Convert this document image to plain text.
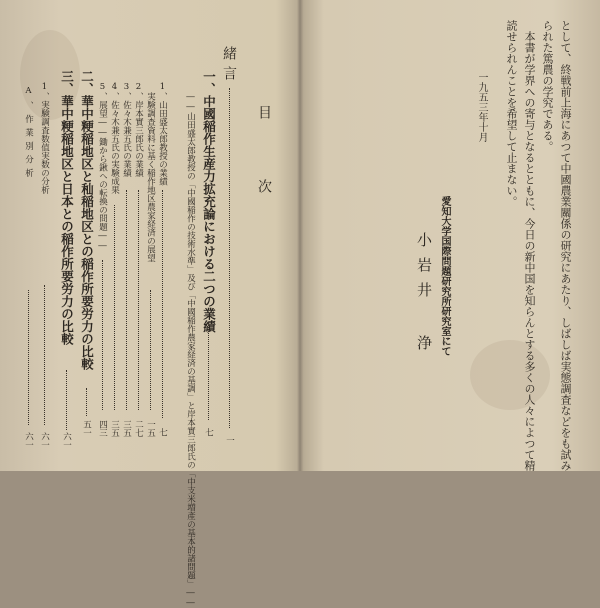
として、終戦前上海にあつて中國農業關係の研究にあたり、しばしば実態調査などをも試み
られた篤農の学究である。
本書が学界への寄与となるとともに、今日の新中国を知らんとする多くの人々によつて精
読せられんことを希望して止まない。
一九五三年十月
愛知大学国際問題研究所研究室にて
小岩井 浄
目次
緒言
一
一、中國稲作生産力拡充論における二つの業績
七
――山田盛太郎教授の「中國稲作の技術水準」及び「中國稲作農家経済の基調」と岸本實三郎氏の「中支米増產の基本的諸問題」――
1、山田盛太郎教授の業績
七
実験調查資料に基く稲作地区農家経済の展望
一五
2、岸本實三郎氏の業績
二七
3、佐々木兼五氏の業績
三五
4、佐々木兼五氏の実験成果
三五
5、展望――鋤から鍬への転換の問題――
四三
二、華中粳稲地区と秈稲地区との稲作所要労力の比較
五一
三、華中粳稲地区と日本との稲作所要労力の比較
六一
1、実験調査数值実数の分析
六一
A、作業別分析
六一
